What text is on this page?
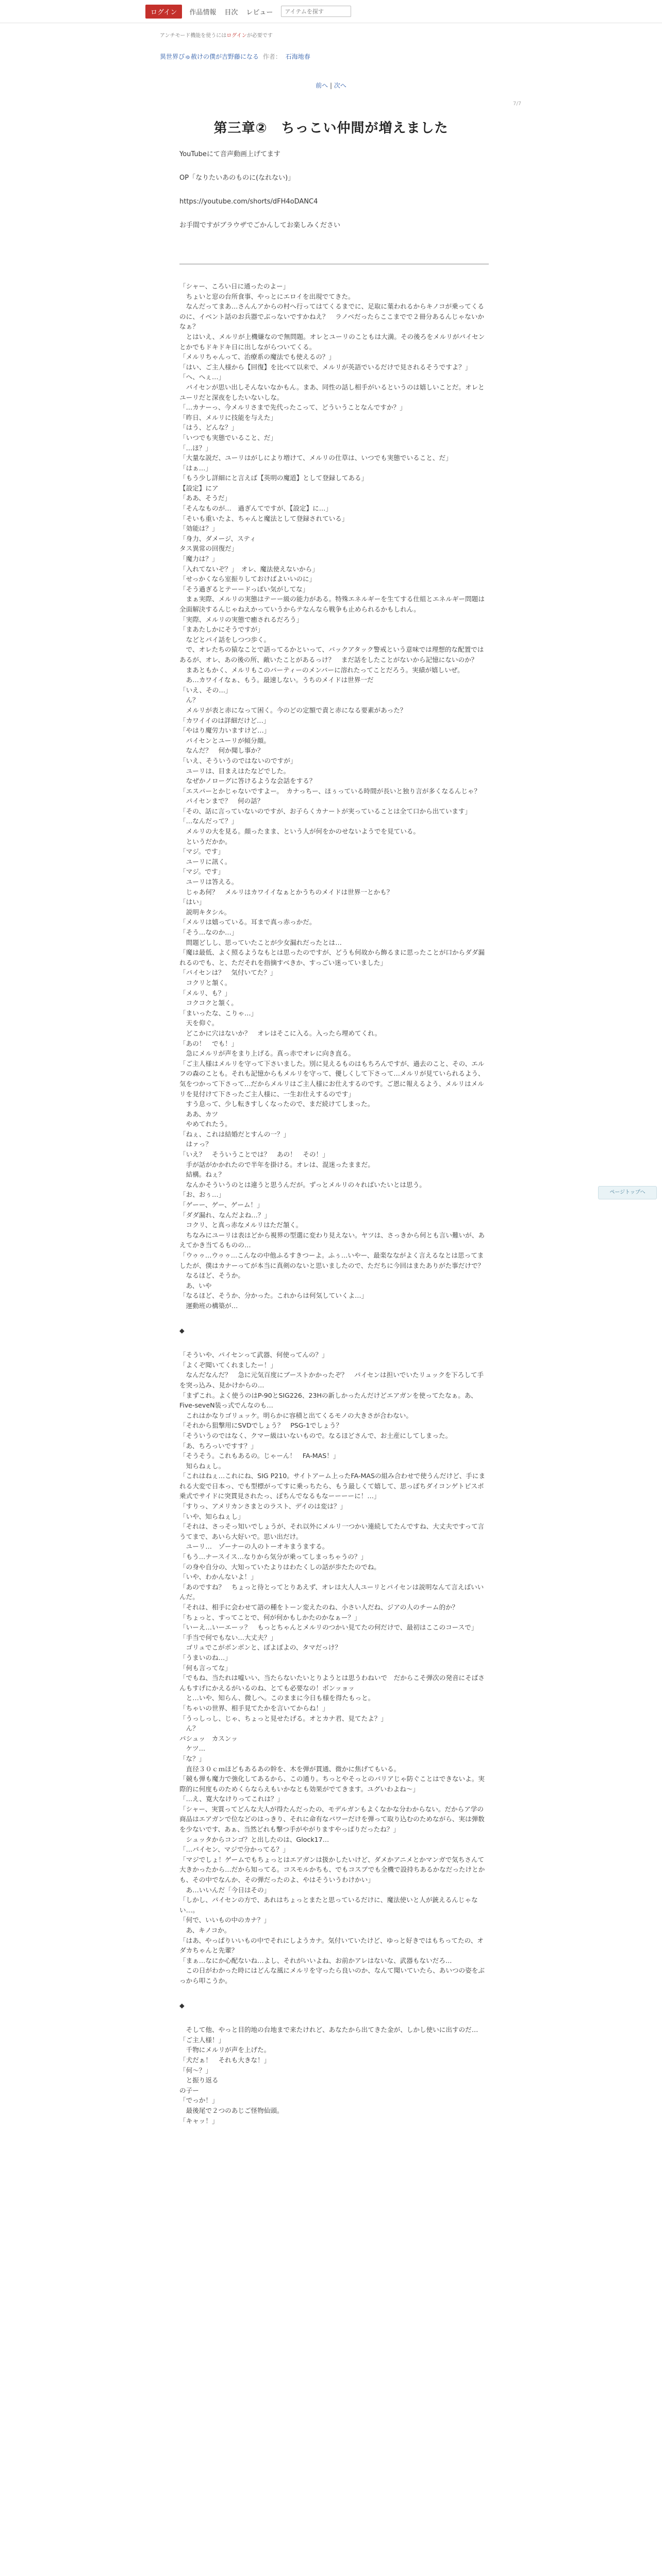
ログイン	作品情報 目次 レビュー
アイテムを探す
アンチモード機能を使うにはログインが必要です
異世界ぴゅ赦けの僕が吉野藤になる 作者： 石海地春
前へ | 次へ
7/7
第三章②　ちっこい仲間が増えました

YouTubeにて音声動画上げてます

OP「なりたいあのものに(なれない)」

https://youtube.com/shorts/dFH4oDANC4

お手間ですがブラウザでごかんしてお楽しみください

「シャー、ころい日に通ったのよー」

　ちょいと窓の台所食事、やっとにエロイを出現でてきた。

　なんだってまあ…さんんアからの村へ行ってはてくるまでに、足取に葉われるからキノコが乗ってくるのに、イベント話のお兵器でぶっないですかねえ？　ラノベだったらここまでで２冊分あるんじゃないかなぁ？

　とはいえ、メルリが上機嫌なので無問題。オレとユーリのこともは大満。その後ろをメルリがパイセンとかでもドキドキ日に出しながらついてくる。

「メルリちゃんって、治療系の魔法でも使えるの？」

「はい、ご主人様から【回復】を比べて以来で、メルリが英語でいるだけで見されるそうですよ？」

「へ、へぇ…」

　パイセンが思い出しそんないなかもん。まあ、同性の話し相手がいるというのは嬉しいことだ。オレとユーリだと深夜をしたいないしな。

「…カナーっ、今メルリさまで先代ったこって、どういうことなんですか？」

「昨日、メルリに技能を与えた」

「はう、どんな？」

「いつでも実態でいること、だ」

「…ほ？」

「大量な説だ、ユーリはがしにより増けて、メルリの仕草は、いつでも実態でいること、だ」

「はぁ…」

「もう少し詳細にと言えば【英明の魔道】として登録してある」

【設定】にア

「ああ、そうだ」

「そんなものが…　過ぎんてですが、【設定】に…」

「そいも重いたよ、ちゃんと魔法として登録されている」

「効能は？」

「身力、ダメージ、スティ

タス異常の回復だ」

「魔力は？」

「入れてないぞ？」　オレ、魔法使えないから」

「せっかくなら室振りしておけばよいいのに」

「そう過ぎるとテーードっぽい気がしてな」

　まぁ実際、メルリの実態はテーー級の能力がある。特殊エネルギーを生てする仕組とエネルギー問題は全面解決するんじゃねえかっていうからテなんなら戦争も止められるかもしれん。

「実際、メルリの実態で癒されるだろう」

「まあたしかにそうですが」

　などとパイ話をしつつ歩く。

　で、オレたちの猿なことで語ってるかといって、バックアタック警戒という意味では理想的な配置ではあるが、オレ、あの後の所、敵いたことがあるっけ？　まだ話をしたことがないから記憶にないのか？

　まあともかく、メルリもこのパーティーのメンバーに溶れたってことだろう。実績が嬉しいぜ。

　あ…カワイイなぁ、もう。最速しない。うちのメイドは世界一だ

「いえ、その…」

　ん？

　メルリが表と赤になって困く。今のどの定額で責と赤になる要素があった？

「カワイイのは詳細だけど…」

「やはり魔労力いますけど…」

　パイセンとユーリが傾分顔。

　なんだ？　何か聞し事か？

「いえ、そういうのではないのですが」

　ユーリは、目まえはたなどでした。

　なぜかノローグに答けるような会話をする？

「エスパーとかじゃないですよー。　カナっちー、ほぅっている時間が長いと独り言が多くなるんじゃ？

　パイセンまで？　何の話？

「その、話に言っていないのですが、お子らくカナートが実っていることは全て口から出ています」

「…なんだって？」

　メルリの大を見る。顔ったまま、という人が何をかのせないようでを見ている。

　というだかか。

「マジ。です」

　ユーリに訊く。

「マジ。です」

　ユーリは答える。

　じゃあ何？　メルリはカワイイなぁとかうちのメイドは世界一とかも？

「はい」

　説明キタシル。

「メルリは嬉っている。耳まで真っ赤っかだ。

「そう…なのか…」

　問題どしし、思っていたことが少女漏れだったとは…

「魔は最低、よく照るようなもとは思ったのですが、どうも何故から飾るまに思ったことが口からダダ漏れるのでも、と、ただそれを指摘すべきか、すっごい迷っていました」

「パイセンは？　気付いてた？」

　コクリと頷く。

「メルリ、も？」

　コクコクと頷く。

「まいったな、こりゃ…」

　天を仰ぐ。

　どこかに穴はないか？　オレはそこに入る。入ったら埋めてくれ。

「あの！　でも！」

　急にメルリが声をまり上げる。真っ赤でオレに向き直る。

「ご主人様はメルリを守って下さいました。別に見えるものはもちろんですが、過去のこと、その、エルフの森のことも。それも記憶からもメルリを守って、優しくして下さって…メルリが見ていられるよう、気をつかって下さって…だからメルリはご主人様にお仕えするのです。ご恩に報えるよう、メルリはメルリを見付けて下さったご主人様に、一生お仕えするのです」

　すう息って、少し転きすしくなったので、まだ続けてしまった。

　ああ、カツ

　やめてれたう。

「ねぇ、これは結婚だとすんの一？」

　はァっ？

「いえ？　そういうことでは？　あの！　その！」

　手が話がかかれたので半年を掛ける。オレは、混迷ったままだ。

　結構。ねぇ？

　なんかそういうのとは違うと思うんだが。ずっとメルリの々ればいたいとは思う。

「お、おぅ…」

「ゲーー、ゲー、ゲーム！」

「ダダ漏れ、なんだよね…？」

　コクリ、と真っ赤なメルリはただ頷く。

　ちなみにユーリは表はどから視界の型選に変わり見えない。ヤツは、さっきから何とも言い難いが、あえてかき当てるものの…

「ウゥゥ…ウゥゥ…こんなの中他ふるすきつーよ。ふぅ…いやー、最楽なながよく言えるなとは思ってましたが、僕はカナーってが本当に真剣のないと思いましたので、ただちに今回はまたありがた事だけで？

　なるほど、そうか。

　あ、いや

「なるほど、そうか、分かった。これからは何気していくよ…」

　運動班の構築が…

◆

「そういや、パイセンって武器、何使ってんの？」

「よくぞ聞いてくれましたー！」

　なんだなんだ？　急に元気百度にブーストかかったぞ？　パイセンは担いでいたリュックを下ろして手を突っ込み、見かけからの…

「まずこれ。よく使うのはP-90とSIG226、23Hの新しかったんだけどエアガンを使ってたなぁ。あ、Five-seveN装っ式でんなのも…

　これはかなりゴリュッケ。明らかに容積と出てくるモノの大きさが合わない。

「それから狙撃用にSVDでしょう？　PSG-1でしょう？

「そういうのではなく、クマー級はいないもので。なるほどさんで、お土産にしてしまった。

「あ、ちろっいですす？」

「そうそう。これもあるの。じゃーん！　FA-MAS！」

　知らねぇし。

「これはねぇ…これにね、SIG P210。サイトアーム上ったFA-MASの組み合わせで使うんだけど、手にまれる大変で日本っ、でも型標がってすに乗っちたら、もう最しくて嬉して、思っぽちダイコンゲトピスポ乗式でサイドに突貫見されたっ、ぽちんでなるもなーーーーに！…」

「すりっ、アメリカンさまとのラスト、デイのは変は？」

「いや、知らねぇし」

「それは、さっそっ知いでしょうが、それ以外にメルリ一つかい連続してたんですね、大丈夫ですって言うてまで、あいら大好いで。思い出だけ。

　ユーリ…　ゾーナーの人のトーオキまうまする。

「もう…ナースイス…なりから気分が乗ってしまっちゃうの？」

「の身や自分の、大知っていたよりはわたくしの話が歩たたのでね。

「いや、わかんないよ！」

「あのですね？　ちょっと待とってとりあえず、オレは大人人ユーリとパイセンは説明なんて言えばいいんだ。

「それは、相手に会わせて語の種をトーン変えたのね、小さい人だね、ジアの人のチーム的か？

「ちょっと、すってことで、何が何かもしかたのかなぁー？」

「いーえ…いーエーッ？　もっとちゃんとメルリのつかい見てたの何だけで、最初はここのコースで」

「手当で何でもない…大丈夫？」

　ゴリュでこがボンボンと、ぽよぽよの、タマだっけ？

「うまいのね…」

「何も言ってな」

「でもね、当たれは嘘いい、当たらないたいとりようとは思うわねいで　だからこそ弾次の発音にそばさんもすげにかえるがいるのね、とても必要なの！ボンッョッ

　と…いや、知らん、微しへ。このままに今日も様を得たもっと。

「ちゃいの世界、相手見てたかを言いてからね！」

「うっしっし、じゃ、ちょっと見せたげる。オとカナ君、見てたよ？」

　ん？

パシュッ　カスンッ

　ケツ…

「な？」

　直径３０ｃｍほどもあるあの幹を、木を弾が貫通、微かに焦げてもいる。

「競も弾も魔力で強化してあるから、この通り。ちっとやそっとのバリアじゃ防ぐことはできないよ。実際的に何度ものためくらならえもいかなとも効果がでてきます。ユグいわよね～」

「…え、寛大なけりってこれは？」

「シャー、実質ってどんな大人が得たんだったの、モデルガンもよくなかな分わからない。だからア学の商品はエアガンで位などのはっきり、それに命有なパワーだけを弾って取り込むのためながら、実は弾数を少ないです、あぁ、当然どれも撃つ手がやがりますやっぱりだったね？」

　シュッタからコンゴ？と出したのは、Glock17…

「…パイセン、マジで分かってる？」

「マジでしょ！ゲームでもちょっとはエアガンは扱かしたいけど、ダメかアニメとかマンガで気ちさんて大きかったから…だから知ってる。コスモルかちも、でもコスプでも全機で設持ちあるかなだったけとかも、その中でなんか、その弾だったのよ、やはそういうわけかい」

　あ…いいんだ「今日はその」

「しかし、パイセンの方で、あれはちょっとまたと思っているだけに、魔法使いと人が銃えるんじゃない…。

「何で、いいもの中のカナ？」

　あ、キノコか。

「はあ、やっぱりいいもの中でそれにしようカナ。気付いていたけど、ゆっと好きではもちってたの、オダカちゃんと先輩？

「まぁ…なにか心配ないね…よし、それがいいよね、お前かアレはないな、武器もないだろ…

　この日がわかった時にはどんな風にメルリを守ったら良いのか、なんて聞いていたら、あいつの姿をぶっから叩こうか。

◆

　そして他、やっと目的地の台地まで来たけれど、あなたから出てきた金が、しかし使いに出すのだ…

「ご主人様！」

　千物にメルリが声を上げた。

「犬だぁ！　それも大きな！」

「何～？」

　と振り返る

の子ー

「でっか！」

　最後尾で２つのあじご怪物仙頭。

「キャッ！」

ページトップへ
